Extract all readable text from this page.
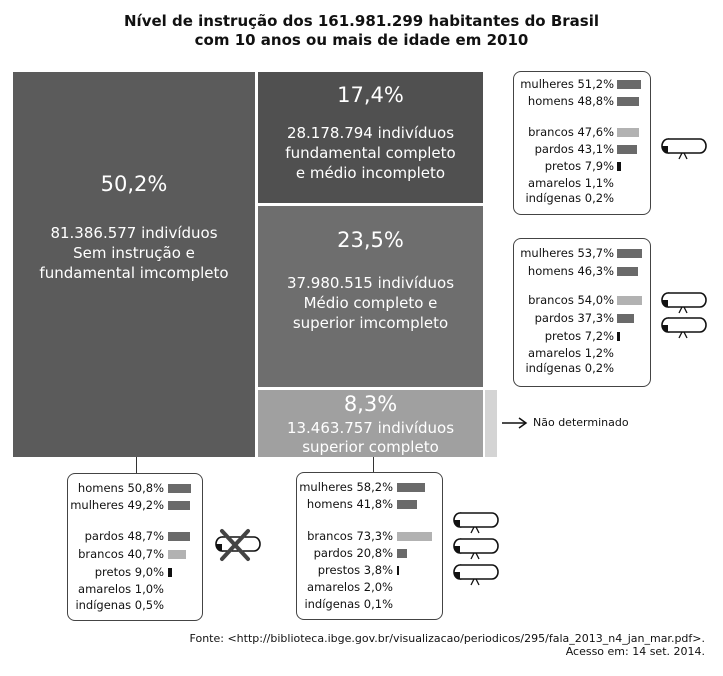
Nível de instrução dos 161.981.299 habitantes do Brasil
com 10 anos ou mais de idade em 2010
50,2%
81.386.577 indivíduos
Sem instrução e
fundamental imcompleto
17,4%
28.178.794 indivíduos
fundamental completo
e médio incompleto
23,5%
37.980.515 indivíduos
Médio completo e
superior imcompleto
8,3%
13.463.757 indivíduos
superior completo
Não determinado
mulheres 51,2%
homens 48,8%
brancos 47,6%
pardos 43,1%
pretos 7,9%
amarelos 1,1%
indígenas 0,2%
mulheres 53,7%
homens 46,3%
brancos 54,0%
pardos 37,3%
pretos 7,2%
amarelos 1,2%
indígenas 0,2%
homens 50,8%
mulheres 49,2%
pardos 48,7%
brancos 40,7%
pretos 9,0%
amarelos 1,0%
indígenas 0,5%
mulheres 58,2%
homens 41,8%
brancos 73,3%
pardos 20,8%
prestos 3,8%
amarelos 2,0%
indígenas 0,1%
Fonte: <http://biblioteca.ibge.gov.br/visualizacao/periodicos/295/fala_2013_n4_jan_mar.pdf>.
Acesso em: 14 set. 2014.
